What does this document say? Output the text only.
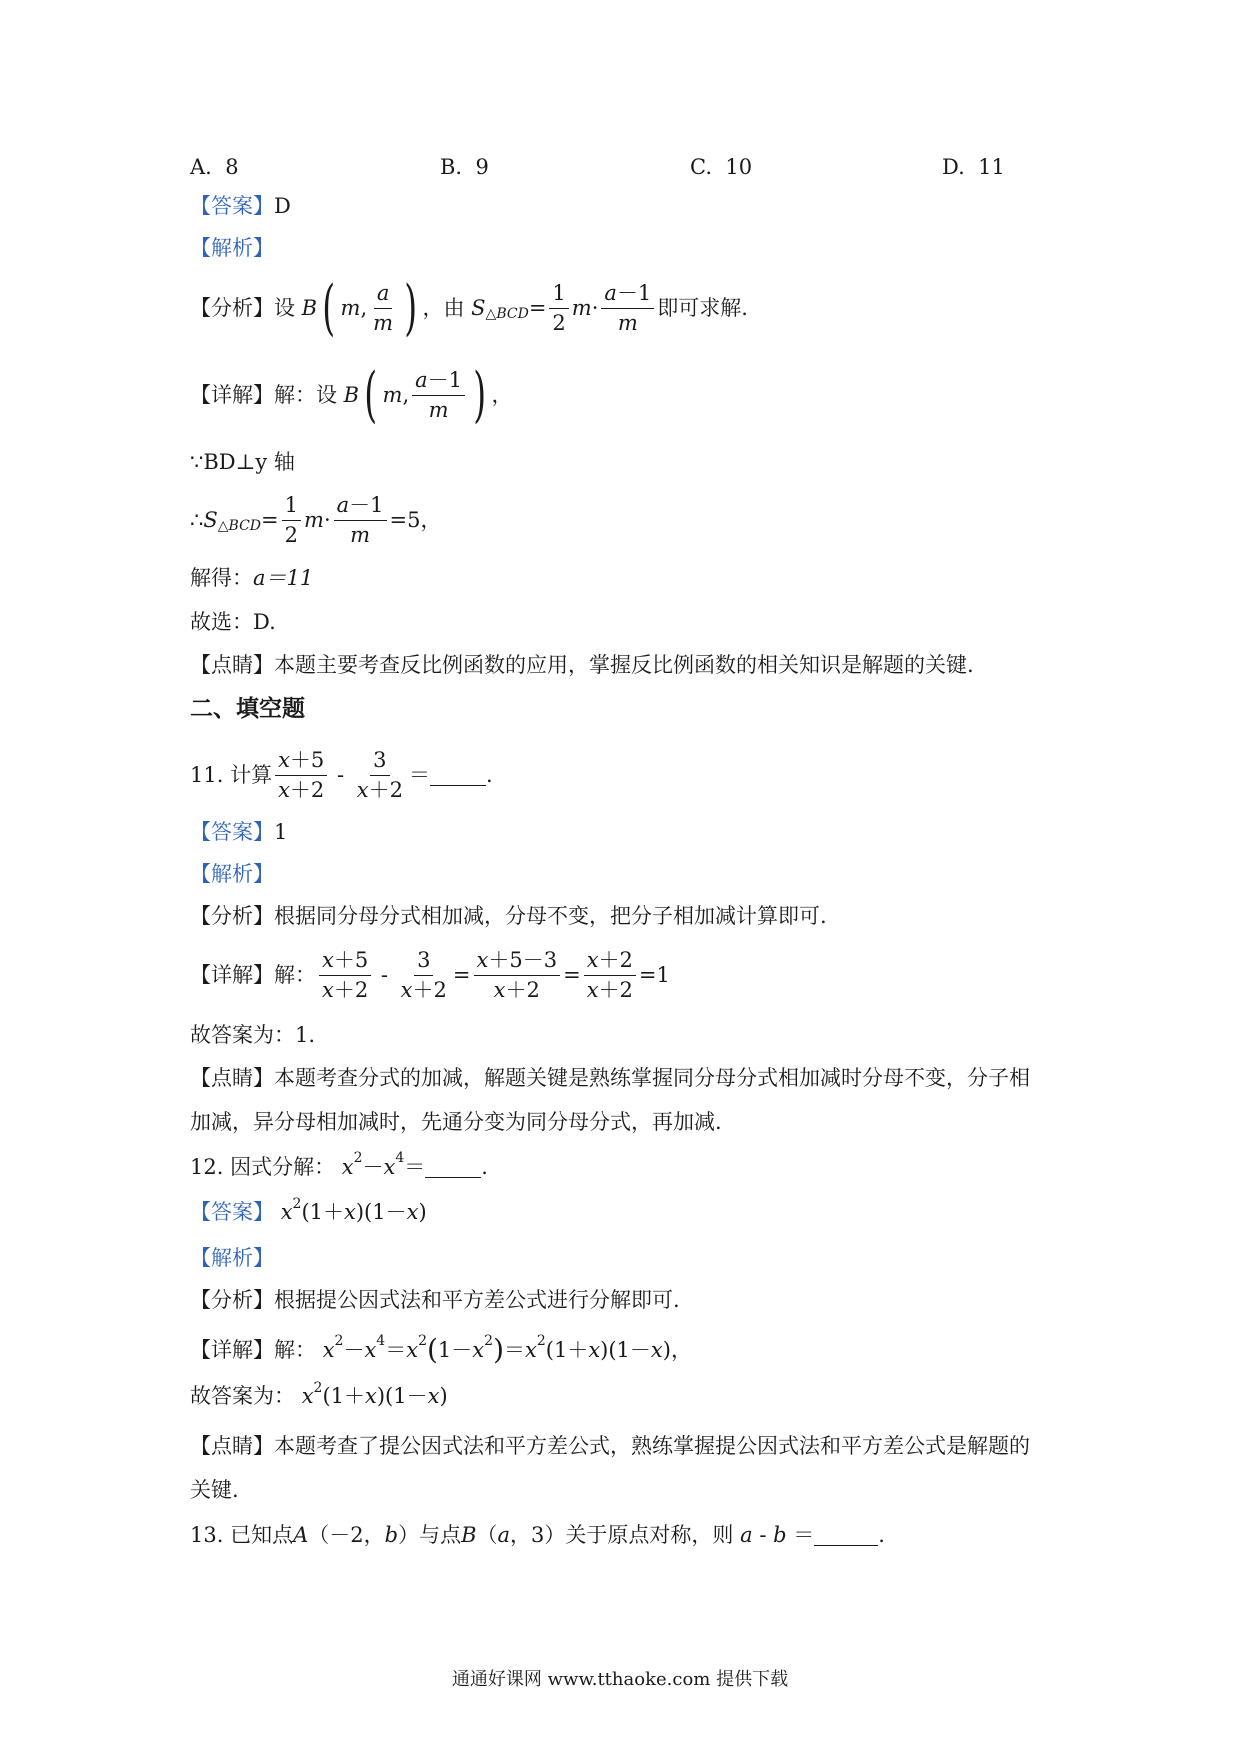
A. 8	B. 9	C. 10	D. 11
【答案】 D
【解析】
【分析】 设 B ( m , $\frac{a}{m}$ ) ，由 S △BCD = $\frac{1}{2}$ $m \cdot \frac{a-1}{m}$ 即可求解.
【详解】 解：设 B ( m , $\frac{a-1}{m}$ ) ，
∵BD⊥y 轴
∴ S △BCD = $\frac{1}{2}$ $m \cdot \frac{a-1}{m} =5$，
解得： a＝11
故选：D.
【点睛】 本题主要考查反比例函数的应用，掌握反比例函数的相关知识是解题的关键.
二、填空题
11. 计算 $\frac{x+5}{x+2} - \frac{3}{x+2}$ ＝	.
【答案】 1
【解析】
【分析】 根据同分母分式相加减，分母不变，把分子相加减计算即可.
【详解】 解： $\frac{x+5}{x+2} - \frac{3}{x+2} = \frac{x+5-3}{x+2} = \frac{x+2}{x+2} =1$
故答案为：1.
【点睛】 本题考查分式的加减，解题关键是熟练掌握同分母分式相加减时分母不变，分子相
加减，异分母相加减时，先通分变为同分母分式，再加减.
12. 因式分解：
x 2 － x 4 ＝	.
【答案】
x 2 (1＋ x )(1－ x )
【解析】
【分析】 根据提公因式法和平方差公式进行分解即可.
【详解】 解：
x 2 － x 4 ＝ x 2 ( 1－ x 2 ) ＝ x 2 (1＋ x )(1－ x )，
故答案为：
x 2 (1＋ x )(1－ x )
【点睛】 本题考查了提公因式法和平方差公式，熟练掌握提公因式法和平方差公式是解题的
关键.
13. 已知点 A （－2， b ）与点 B （ a ，3）关于原点对称，则
a - b
＝	.
通通好课网 www.tthaoke.com 提供下载
